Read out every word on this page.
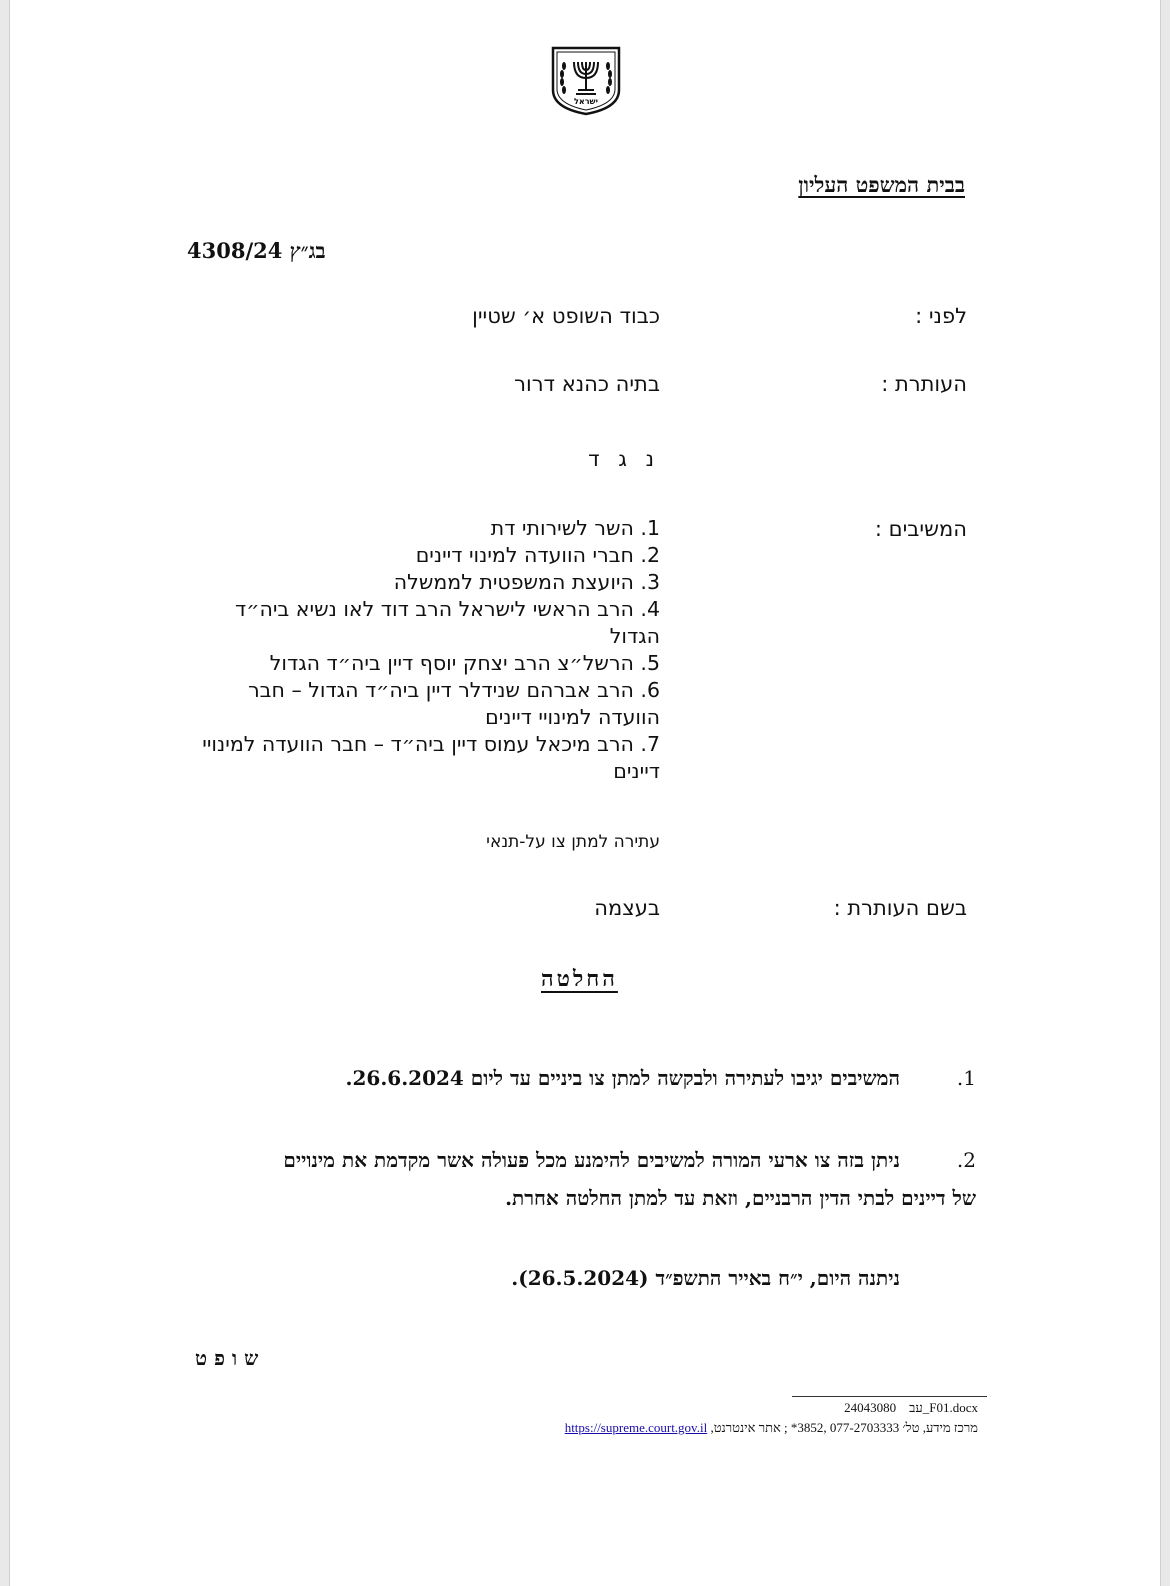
ישראל
בבית המשפט העליון
בג״ץ 4308/24
לפני :
כבוד השופט א׳ שטיין
העותרת :
בתיה כהנא דרור
נ ג ד
המשיבים :
1. השר לשירותי דת
2. חברי הוועדה למינוי דיינים
3. היועצת המשפטית לממשלה
4. הרב הראשי לישראל הרב דוד לאו נשיא ביה״ד הגדול
5. הרשל״צ הרב יצחק יוסף דיין ביה״ד הגדול
6. הרב אברהם שנידלר דיין ביה״ד הגדול – חבר הוועדה למינויי דיינים
7. הרב מיכאל עמוס דיין ביה״ד – חבר הוועדה למינויי דיינים
עתירה למתן צו על-תנאי
בשם העותרת :
בעצמה
החלטה
1.
המשיבים יגיבו לעתירה ולבקשה למתן צו ביניים עד ליום 26.6.2024.
2.
ניתן בזה צו ארעי המורה למשיבים להימנע מכל פעולה אשר מקדמת את מינויים
של דיינים לבתי הדין הרבניים, וזאת עד למתן החלטה אחרת.
ניתנה היום, י״ח באייר התשפ״ד (26.5.2024).
שופט
עב    24043080_F01.docx
מרכז מידע, טל׳ 077-2703333 ,3852* ; אתר אינטרנט, https://supreme.court.gov.il
